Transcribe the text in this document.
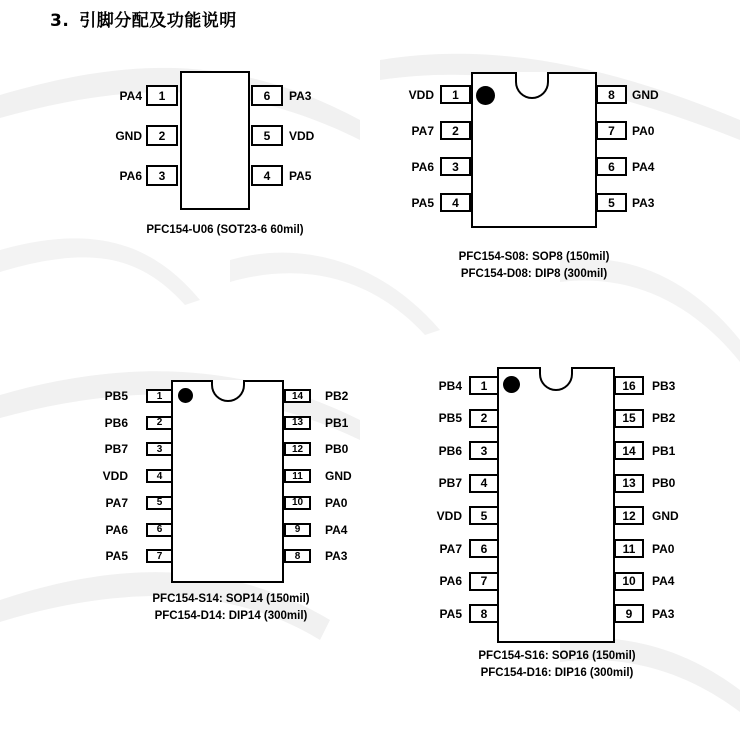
3. 引脚分配及功能说明
1
PA4
2
GND
3
PA6
6	PA3
5	VDD
4	PA5
PFC154-U06 (SOT23-6 60mil)
1
VDD
2
PA7
3
PA6
4
PA5
8	GND
7	PA0
6	PA4
5	PA3
PFC154-S08: SOP8 (150mil)
PFC154-D08: DIP8 (300mil)
1
PB5
2
PB6
3
PB7
4
VDD
5
PA7
6
PA6
7
PA5
14	PB2
13	PB1
12	PB0
11	GND
10	PA0
9	PA4
8	PA3
PFC154-S14: SOP14 (150mil)
PFC154-D14: DIP14 (300mil)
1
PB4
2
PB5
3
PB6
4
PB7
5
VDD
6
PA7
7
PA6
8
PA5
16	PB3
15	PB2
14	PB1
13	PB0
12	GND
11	PA0
10	PA4
9	PA3
PFC154-S16: SOP16 (150mil)
PFC154-D16: DIP16 (300mil)
